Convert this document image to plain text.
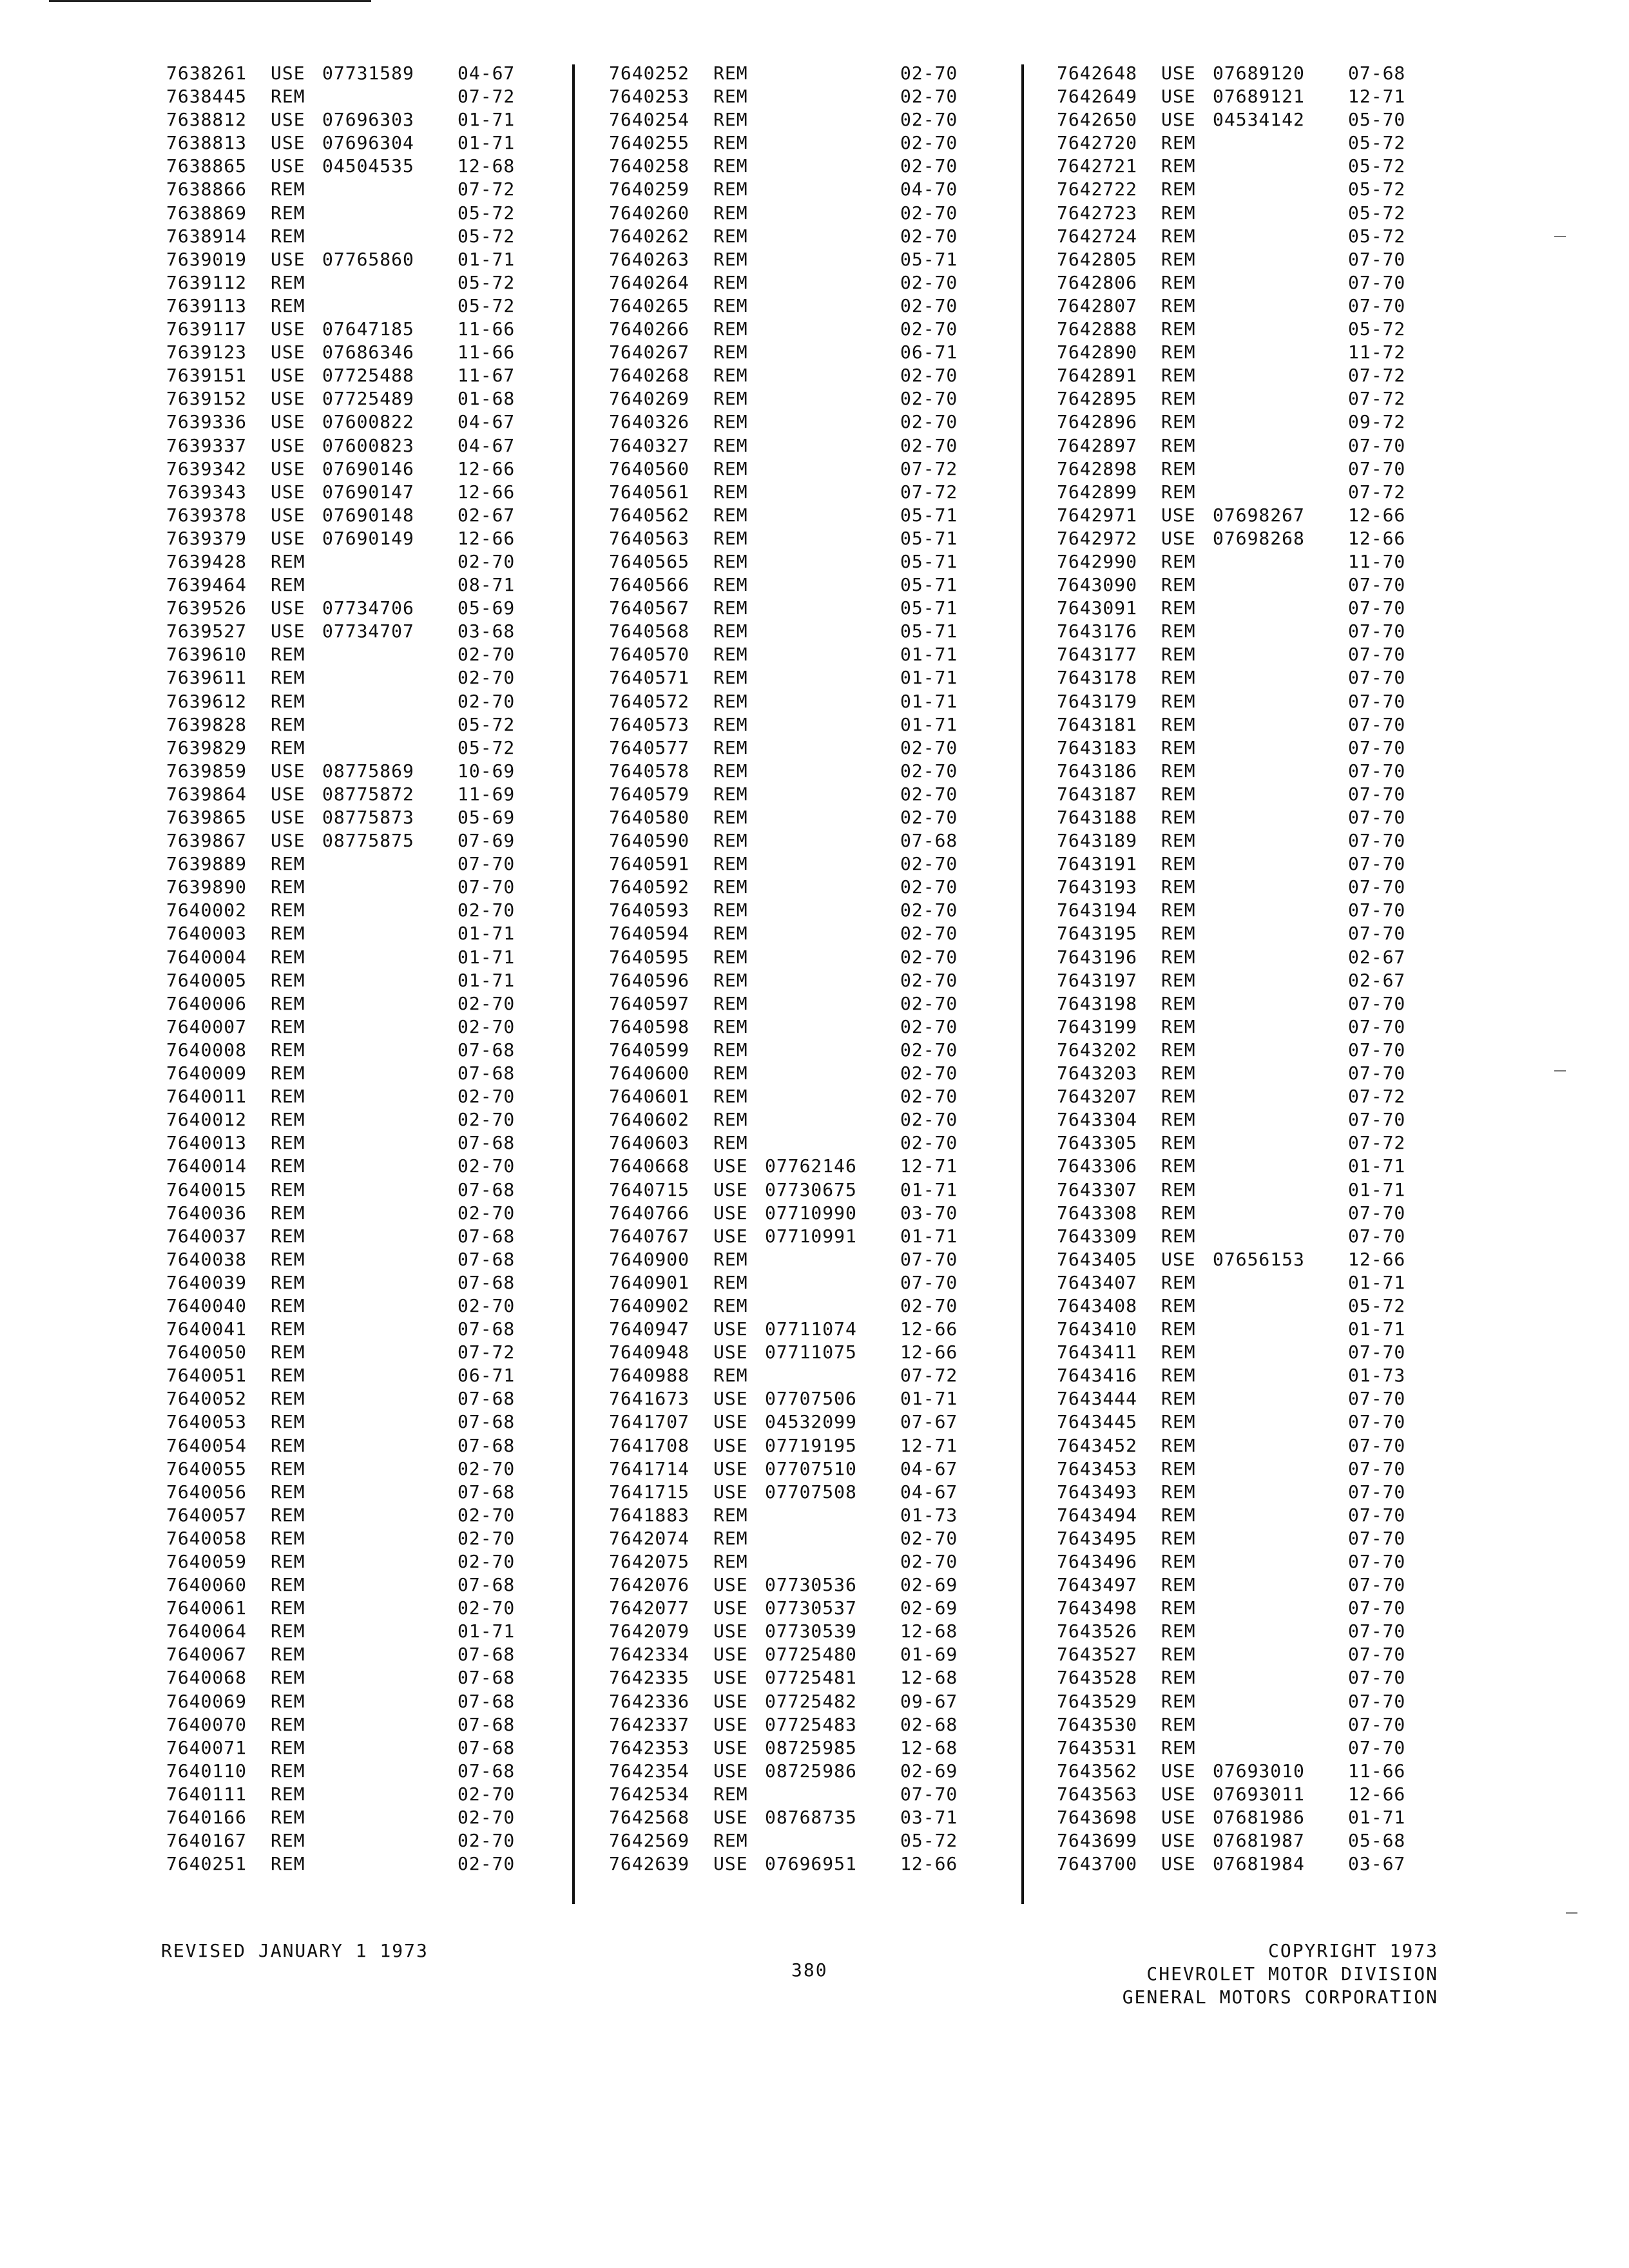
7638261	USE 07731589	04-67
7638445	REM	07-72
7638812	USE 07696303	01-71
7638813	USE 07696304	01-71
7638865	USE 04504535	12-68
7638866	REM	07-72
7638869	REM	05-72
7638914	REM	05-72
7639019	USE 07765860	01-71
7639112	REM	05-72
7639113	REM	05-72
7639117	USE 07647185	11-66
7639123	USE 07686346	11-66
7639151	USE 07725488	11-67
7639152	USE 07725489	01-68
7639336	USE 07600822	04-67
7639337	USE 07600823	04-67
7639342	USE 07690146	12-66
7639343	USE 07690147	12-66
7639378	USE 07690148	02-67
7639379	USE 07690149	12-66
7639428	REM	02-70
7639464	REM	08-71
7639526	USE 07734706	05-69
7639527	USE 07734707	03-68
7639610	REM	02-70
7639611	REM	02-70
7639612	REM	02-70
7639828	REM	05-72
7639829	REM	05-72
7639859	USE 08775869	10-69
7639864	USE 08775872	11-69
7639865	USE 08775873	05-69
7639867	USE 08775875	07-69
7639889	REM	07-70
7639890	REM	07-70
7640002	REM	02-70
7640003	REM	01-71
7640004	REM	01-71
7640005	REM	01-71
7640006	REM	02-70
7640007	REM	02-70
7640008	REM	07-68
7640009	REM	07-68
7640011	REM	02-70
7640012	REM	02-70
7640013	REM	07-68
7640014	REM	02-70
7640015	REM	07-68
7640036	REM	02-70
7640037	REM	07-68
7640038	REM	07-68
7640039	REM	07-68
7640040	REM	02-70
7640041	REM	07-68
7640050	REM	07-72
7640051	REM	06-71
7640052	REM	07-68
7640053	REM	07-68
7640054	REM	07-68
7640055	REM	02-70
7640056	REM	07-68
7640057	REM	02-70
7640058	REM	02-70
7640059	REM	02-70
7640060	REM	07-68
7640061	REM	02-70
7640064	REM	01-71
7640067	REM	07-68
7640068	REM	07-68
7640069	REM	07-68
7640070	REM	07-68
7640071	REM	07-68
7640110	REM	07-68
7640111	REM	02-70
7640166	REM	02-70
7640167	REM	02-70
7640251	REM	02-70
7640252	REM	02-70
7640253	REM	02-70
7640254	REM	02-70
7640255	REM	02-70
7640258	REM	02-70
7640259	REM	04-70
7640260	REM	02-70
7640262	REM	02-70
7640263	REM	05-71
7640264	REM	02-70
7640265	REM	02-70
7640266	REM	02-70
7640267	REM	06-71
7640268	REM	02-70
7640269	REM	02-70
7640326	REM	02-70
7640327	REM	02-70
7640560	REM	07-72
7640561	REM	07-72
7640562	REM	05-71
7640563	REM	05-71
7640565	REM	05-71
7640566	REM	05-71
7640567	REM	05-71
7640568	REM	05-71
7640570	REM	01-71
7640571	REM	01-71
7640572	REM	01-71
7640573	REM	01-71
7640577	REM	02-70
7640578	REM	02-70
7640579	REM	02-70
7640580	REM	02-70
7640590	REM	07-68
7640591	REM	02-70
7640592	REM	02-70
7640593	REM	02-70
7640594	REM	02-70
7640595	REM	02-70
7640596	REM	02-70
7640597	REM	02-70
7640598	REM	02-70
7640599	REM	02-70
7640600	REM	02-70
7640601	REM	02-70
7640602	REM	02-70
7640603	REM	02-70
7640668	USE 07762146	12-71
7640715	USE 07730675	01-71
7640766	USE 07710990	03-70
7640767	USE 07710991	01-71
7640900	REM	07-70
7640901	REM	07-70
7640902	REM	02-70
7640947	USE 07711074	12-66
7640948	USE 07711075	12-66
7640988	REM	07-72
7641673	USE 07707506	01-71
7641707	USE 04532099	07-67
7641708	USE 07719195	12-71
7641714	USE 07707510	04-67
7641715	USE 07707508	04-67
7641883	REM	01-73
7642074	REM	02-70
7642075	REM	02-70
7642076	USE 07730536	02-69
7642077	USE 07730537	02-69
7642079	USE 07730539	12-68
7642334	USE 07725480	01-69
7642335	USE 07725481	12-68
7642336	USE 07725482	09-67
7642337	USE 07725483	02-68
7642353	USE 08725985	12-68
7642354	USE 08725986	02-69
7642534	REM	07-70
7642568	USE 08768735	03-71
7642569	REM	05-72
7642639	USE 07696951	12-66
7642648	USE 07689120	07-68
7642649	USE 07689121	12-71
7642650	USE 04534142	05-70
7642720	REM	05-72
7642721	REM	05-72
7642722	REM	05-72
7642723	REM	05-72
7642724	REM	05-72
7642805	REM	07-70
7642806	REM	07-70
7642807	REM	07-70
7642888	REM	05-72
7642890	REM	11-72
7642891	REM	07-72
7642895	REM	07-72
7642896	REM	09-72
7642897	REM	07-70
7642898	REM	07-70
7642899	REM	07-72
7642971	USE 07698267	12-66
7642972	USE 07698268	12-66
7642990	REM	11-70
7643090	REM	07-70
7643091	REM	07-70
7643176	REM	07-70
7643177	REM	07-70
7643178	REM	07-70
7643179	REM	07-70
7643181	REM	07-70
7643183	REM	07-70
7643186	REM	07-70
7643187	REM	07-70
7643188	REM	07-70
7643189	REM	07-70
7643191	REM	07-70
7643193	REM	07-70
7643194	REM	07-70
7643195	REM	07-70
7643196	REM	02-67
7643197	REM	02-67
7643198	REM	07-70
7643199	REM	07-70
7643202	REM	07-70
7643203	REM	07-70
7643207	REM	07-72
7643304	REM	07-70
7643305	REM	07-72
7643306	REM	01-71
7643307	REM	01-71
7643308	REM	07-70
7643309	REM	07-70
7643405	USE 07656153	12-66
7643407	REM	01-71
7643408	REM	05-72
7643410	REM	01-71
7643411	REM	07-70
7643416	REM	01-73
7643444	REM	07-70
7643445	REM	07-70
7643452	REM	07-70
7643453	REM	07-70
7643493	REM	07-70
7643494	REM	07-70
7643495	REM	07-70
7643496	REM	07-70
7643497	REM	07-70
7643498	REM	07-70
7643526	REM	07-70
7643527	REM	07-70
7643528	REM	07-70
7643529	REM	07-70
7643530	REM	07-70
7643531	REM	07-70
7643562	USE 07693010	11-66
7643563	USE 07693011	12-66
7643698	USE 07681986	01-71
7643699	USE 07681987	05-68
7643700	USE 07681984	03-67
REVISED JANUARY 1 1973
380
COPYRIGHT 1973
CHEVROLET MOTOR DIVISION
GENERAL MOTORS CORPORATION
